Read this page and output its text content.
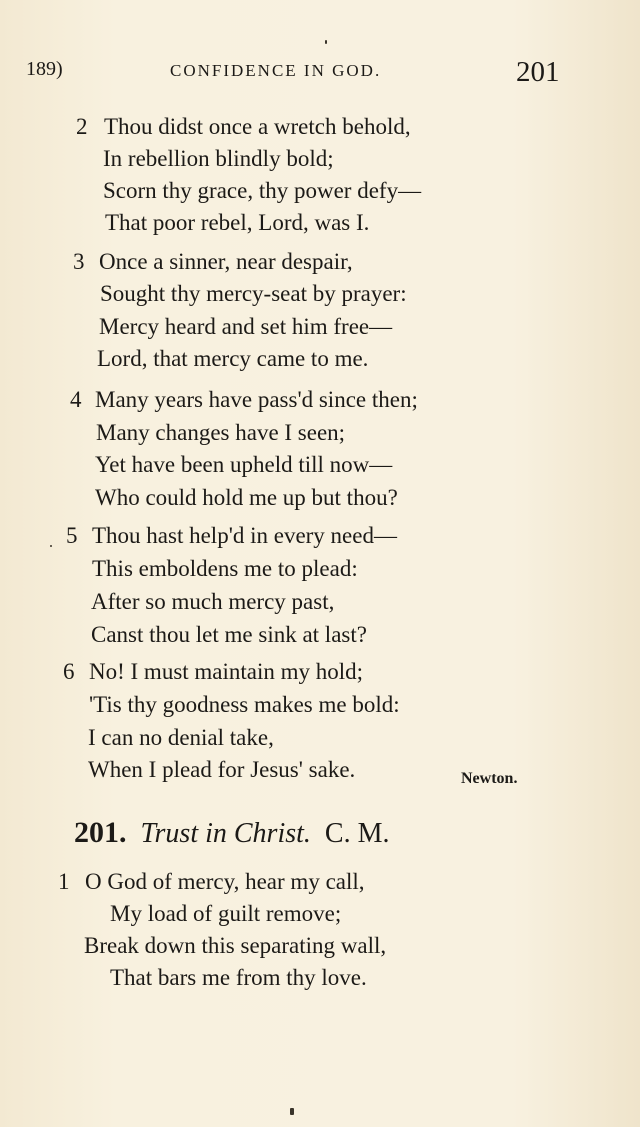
189)	CONFIDENCE IN GOD.	201
2 Thou didst once a wretch behold,
In rebellion blindly bold;
Scorn thy grace, thy power defy—
That poor rebel, Lord, was I.
3 Once a sinner, near despair,
Sought thy mercy-seat by prayer:
Mercy heard and set him free—
Lord, that mercy came to me.
4 Many years have pass'd since then;
Many changes have I seen;
Yet have been upheld till now—
Who could hold me up but thou?
5 Thou hast help'd in every need—
This emboldens me to plead:
After so much mercy past,
Canst thou let me sink at last?
6 No! I must maintain my hold;
'Tis thy goodness makes me bold:
I can no denial take,
When I plead for Jesus' sake.	Newton.
201. Trust in Christ. C. M.
1 O God of mercy, hear my call,
My load of guilt remove;
Break down this separating wall,
That bars me from thy love.
